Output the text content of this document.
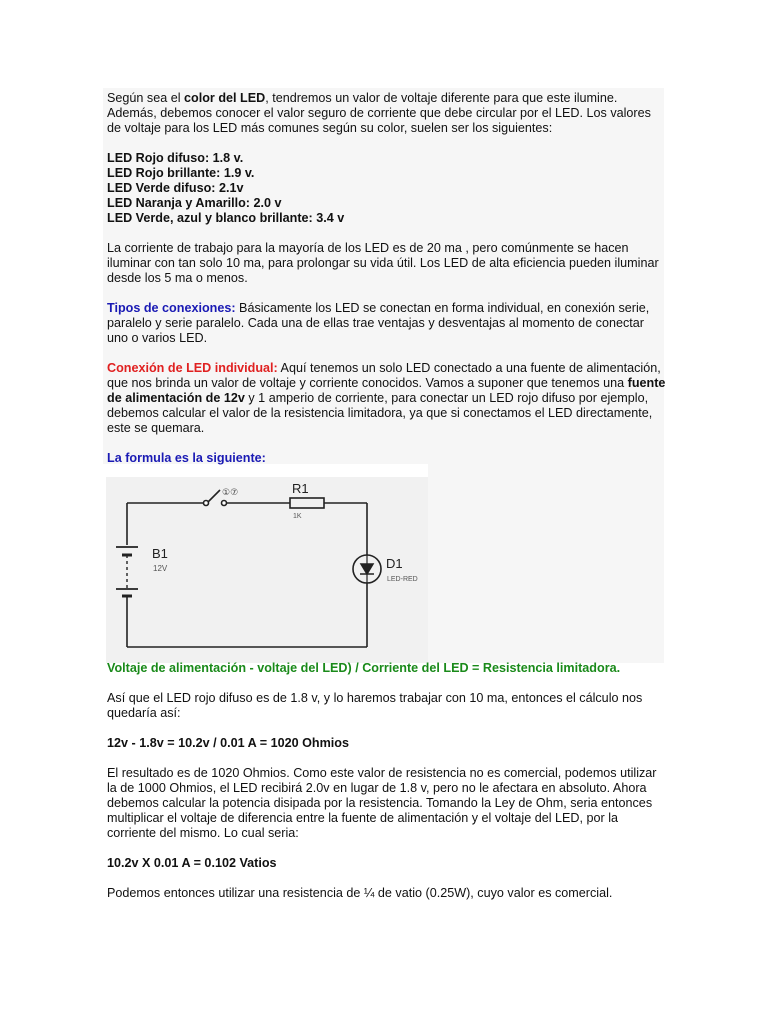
Según sea el color del LED, tendremos un valor de voltaje diferente para que este ilumine. Además, debemos conocer el valor seguro de corriente que debe circular por el LED. Los valores de voltaje para los LED más comunes según su color, suelen ser los siguientes:

LED Rojo difuso: 1.8 v.
LED Rojo brillante: 1.9 v.
LED Verde difuso: 2.1v
LED Naranja y Amarillo: 2.0 v
LED Verde, azul y blanco brillante: 3.4 v

La corriente de trabajo para la mayoría de los LED es de 20 ma , pero comúnmente se hacen iluminar con tan solo 10 ma, para prolongar su vida útil. Los LED de alta eficiencia pueden iluminar desde los 5 ma o menos.

Tipos de conexiones: Básicamente los LED se conectan en forma individual, en conexión serie, paralelo y serie paralelo. Cada una de ellas trae ventajas y desventajas al momento de conectar uno o varios LED.

Conexión de LED individual: Aquí tenemos un solo LED conectado a una fuente de alimentación, que nos brinda un valor de voltaje y corriente conocidos. Vamos a suponer que tenemos una fuente de alimentación de 12v y 1 amperio de corriente, para conectar un LED rojo difuso por ejemplo, debemos calcular el valor de la resistencia limitadora, ya que si conectamos el LED directamente, este se quemara.

La formula es la siguiente:

①⑦	R1
1K
B1
12V	D1
LED-RED

Voltaje de alimentación - voltaje del LED) / Corriente del LED = Resistencia limitadora.

Así que el LED rojo difuso es de 1.8 v, y lo haremos trabajar con 10 ma, entonces el cálculo nos quedaría así:

12v - 1.8v = 10.2v / 0.01 A = 1020 Ohmios

El resultado es de 1020 Ohmios. Como este valor de resistencia no es comercial, podemos utilizar la de 1000 Ohmios, el LED recibirá 2.0v en lugar de 1.8 v, pero no le afectara en absoluto. Ahora debemos calcular la potencia disipada por la resistencia. Tomando la Ley de Ohm, seria entonces multiplicar el voltaje de diferencia entre la fuente de alimentación y el voltaje del LED, por la corriente del mismo. Lo cual seria:

10.2v X 0.01 A = 0.102 Vatios

Podemos entonces utilizar una resistencia de ¼ de vatio (0.25W), cuyo valor es comercial.
